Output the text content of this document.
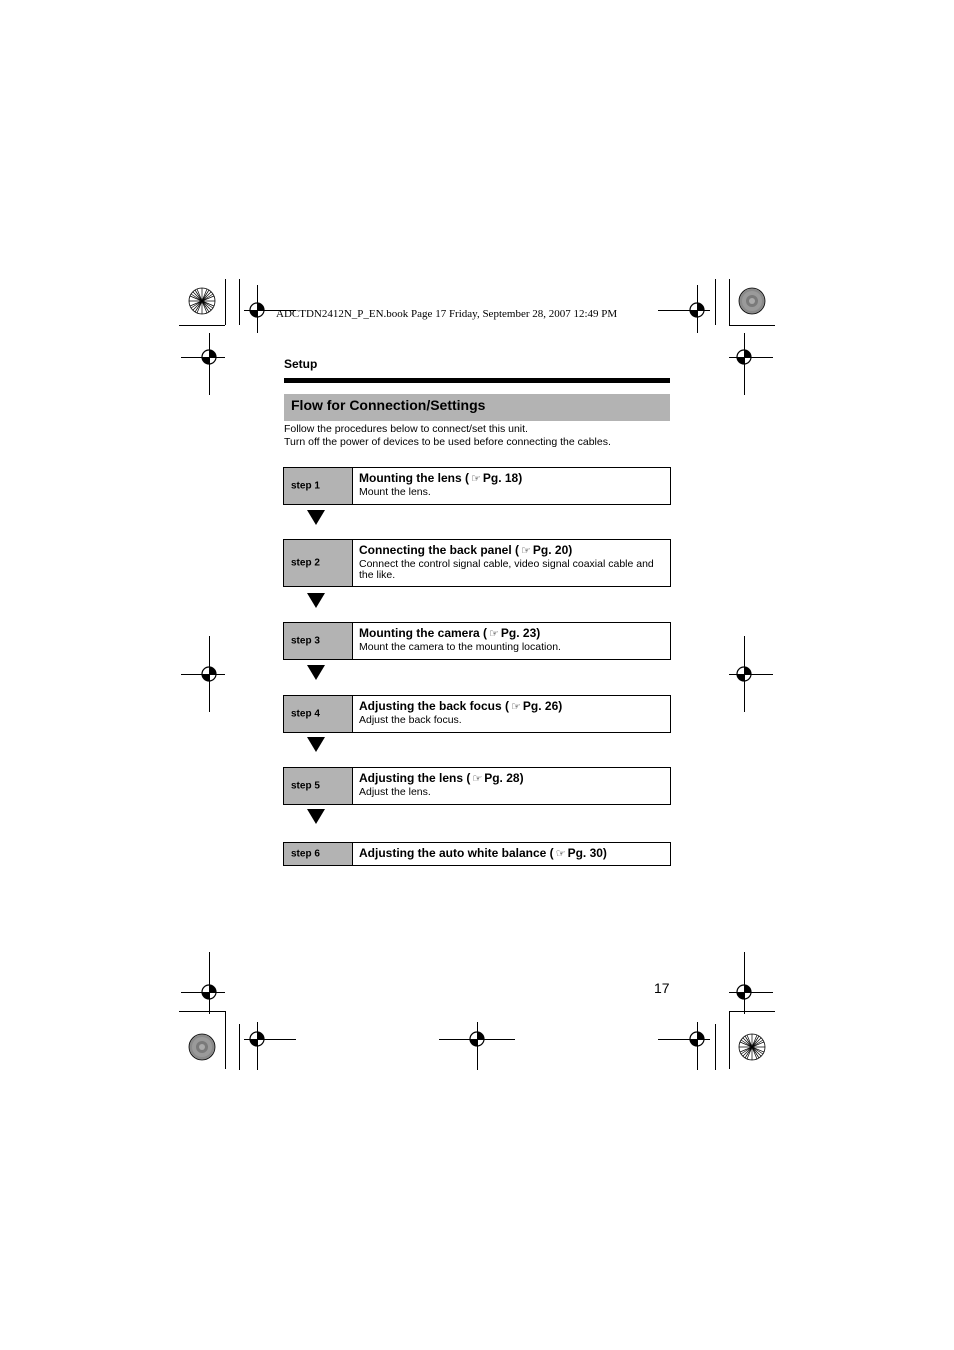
ADCTDN2412N_P_EN.book Page 17 Friday, September 28, 2007 12:49 PM
Setup
Flow for Connection/Settings
Follow the procedures below to connect/set this unit.
Turn off the power of devices to be used before connecting the cables.
step 1
Mounting the lens ( ☞ Pg. 18)
Mount the lens.
step 2
Connecting the back panel ( ☞ Pg. 20)
Connect the control signal cable, video signal coaxial cable and the like.
step 3
Mounting the camera ( ☞ Pg. 23)
Mount the camera to the mounting location.
step 4
Adjusting the back focus ( ☞ Pg. 26)
Adjust the back focus.
step 5
Adjusting the lens ( ☞ Pg. 28)
Adjust the lens.
step 6	Adjusting the auto white balance ( ☞ Pg. 30)
17
